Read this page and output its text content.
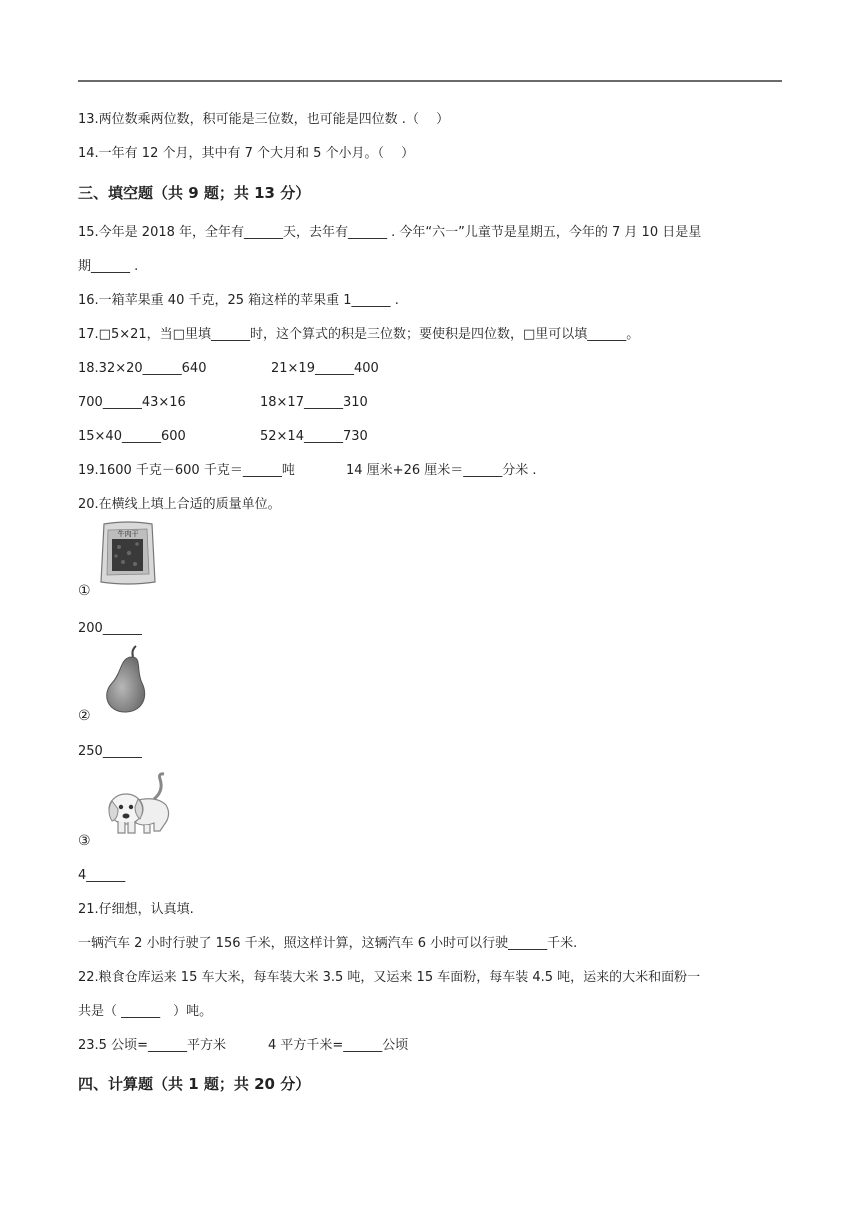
13.两位数乘两位数，积可能是三位数，也可能是四位数 .（　 ）
14.一年有 12 个月，其中有 7 个大月和 5 个小月。（　 ）
三、填空题（共 9 题；共 13 分）
15.今年是 2018 年，全年有______天，去年有______ . 今年“六一”儿童节是星期五，今年的 7 月 10 日是星
期______ .
16.一箱苹果重 40 千克，25 箱这样的苹果重 1______ .
17.□5×21，当□里填______时，这个算式的积是三位数；要使积是四位数，□里可以填______。
18.32×20______640	21×19______400
700______43×16	18×17______310
15×40______600	52×14______730
19.1600 千克－600 千克＝______吨	14 厘米+26 厘米＝______分米 .
20.在横线上填上合适的质量单位。
牛肉干
①
200______
②
250______
③
4______
21.仔细想，认真填.
一辆汽车 2 小时行驶了 156 千米，照这样计算，这辆汽车 6 小时可以行驶______千米.
22.粮食仓库运来 15 车大米，每车装大米 3.5 吨，又运来 15 车面粉，每车装 4.5 吨，运来的大米和面粉一
共是（ ______　）吨。
23.5 公顷=______平方米	4 平方千米=______公顷
四、计算题（共 1 题；共 20 分）
